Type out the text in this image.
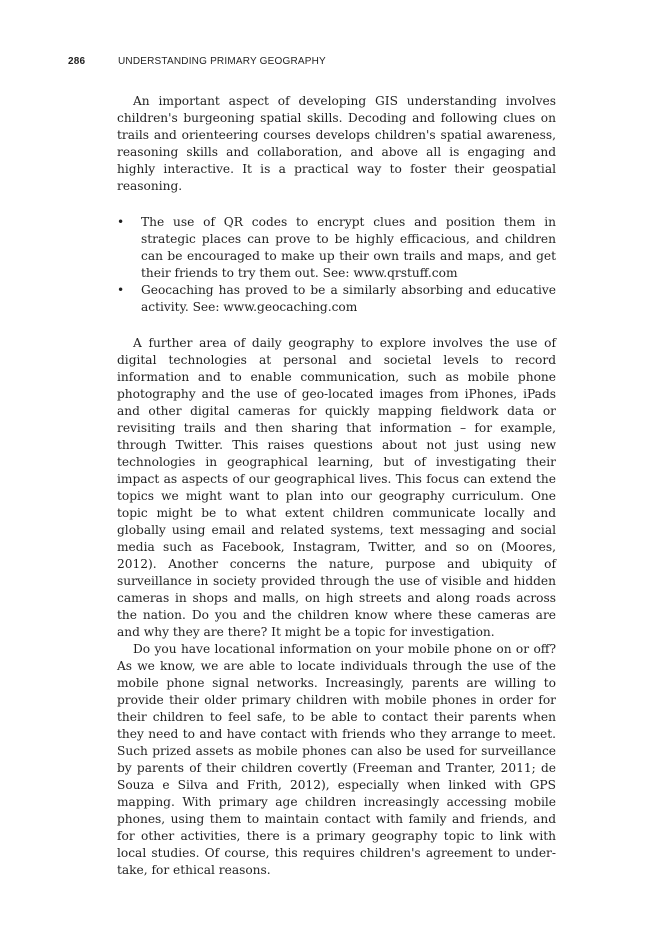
286	UNDERSTANDING PRIMARY GEOGRAPHY

An important aspect of developing GIS understanding involves children's burgeoning spatial skills. Decoding and following clues on trails and orienteering courses develops children's spatial awareness, reasoning skills and collaboration, and above all is engaging and highly interactive. It is a practical way to foster their geospatial reasoning.

• The use of QR codes to encrypt clues and position them in strategic places can prove to be highly efficacious, and children can be encouraged to make up their own trails and maps, and get their friends to try them out. See: www.qrstuff.com
• Geocaching has proved to be a similarly absorbing and educative activity. See: www.geocaching.com

A further area of daily geography to explore involves the use of digital technologies at personal and societal levels to record information and to enable communication, such as mobile phone photography and the use of geo-located images from iPhones, iPads and other digital cameras for quickly mapping fieldwork data or revisiting trails and then sharing that information – for example, through Twitter. This raises questions about not just using new technologies in geographical learning, but of investigating their impact as aspects of our geographical lives. This focus can extend the topics we might want to plan into our geography curriculum. One topic might be to what extent children communicate locally and globally using email and related systems, text messaging and social media such as Facebook, Instagram, Twitter, and so on (Moores, 2012). Another concerns the nature, purpose and ubiquity of surveillance in society provided through the use of visible and hidden cameras in shops and malls, on high streets and along roads across the nation. Do you and the children know where these cameras are and why they are there? It might be a topic for investigation.

Do you have locational information on your mobile phone on or off? As we know, we are able to locate individuals through the use of the mobile phone signal networks. Increasingly, parents are willing to provide their older primary children with mobile phones in order for their children to feel safe, to be able to contact their parents when they need to and have contact with friends who they arrange to meet. Such prized assets as mobile phones can also be used for surveillance by parents of their children covertly (Freeman and Tranter, 2011; de Souza e Silva and Frith, 2012), especially when linked with GPS mapping. With primary age children increasingly accessing mobile phones, using them to maintain contact with family and friends, and for other activities, there is a primary geography topic to link with local studies. Of course, this requires children's agreement to undertake, for ethical reasons.
